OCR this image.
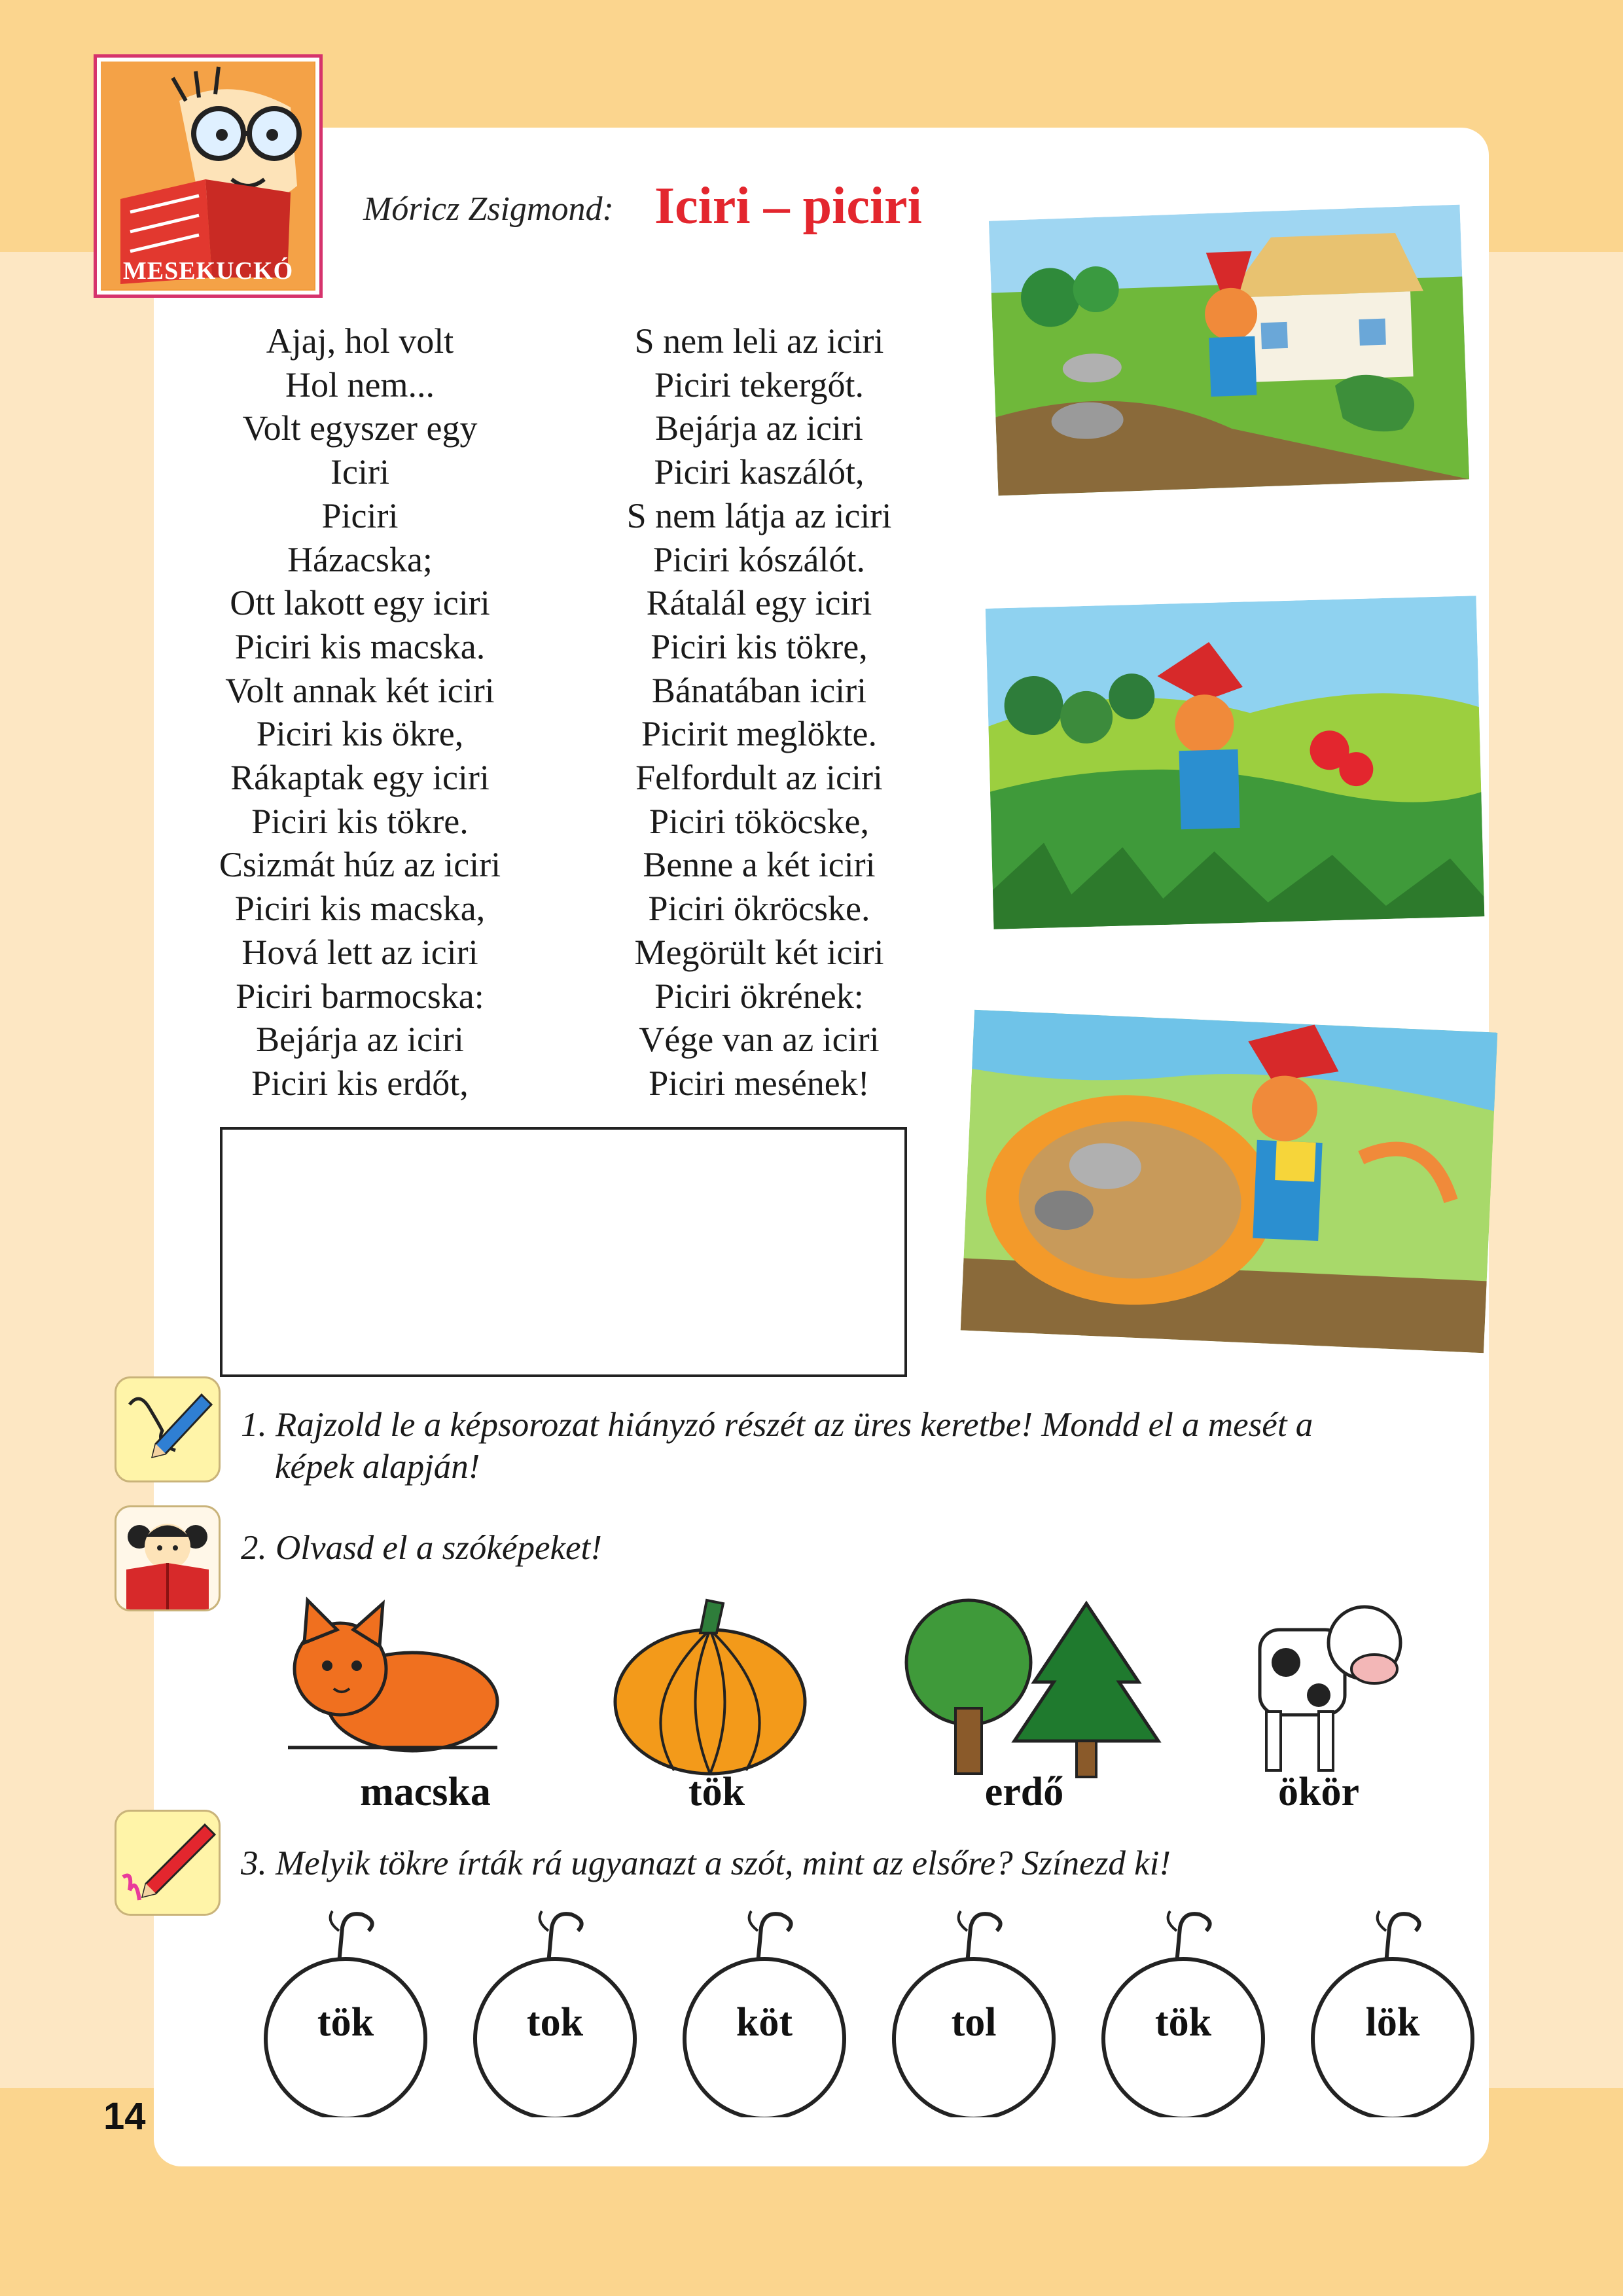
MESEKUCKÓ
Móricz Zsigmond: Iciri – piciri
Ajaj, hol volt
Hol nem...
Volt egyszer egy
Iciri
Piciri
Házacska;
Ott lakott egy iciri
Piciri kis macska.
Volt annak két iciri
Piciri kis ökre,
Rákaptak egy iciri
Piciri kis tökre.
Csizmát húz az iciri
Piciri kis macska,
Hová lett az iciri
Piciri barmocska:
Bejárja az iciri
Piciri kis erdőt,
S nem leli az iciri
Piciri tekergőt.
Bejárja az iciri
Piciri kaszálót,
S nem látja az iciri
Piciri kószálót.
Rátalál egy iciri
Piciri kis tökre,
Bánatában iciri
Picirit meglökte.
Felfordult az iciri
Piciri tököcske,
Benne a két iciri
Piciri ökröcske.
Megörült két iciri
Piciri ökrének:
Vége van az iciri
Piciri mesének!
1. Rajzold le a képsorozat hiányzó részét az üres keretbe! Mondd el a mesét a
képek alapján!
2. Olvasd el a szóképeket!
macska	tök	erdő	ökör
3. Melyik tökre írták rá ugyanazt a szót, mint az elsőre? Színezd ki!
tök	tok	köt	tol	tök	lök
14
